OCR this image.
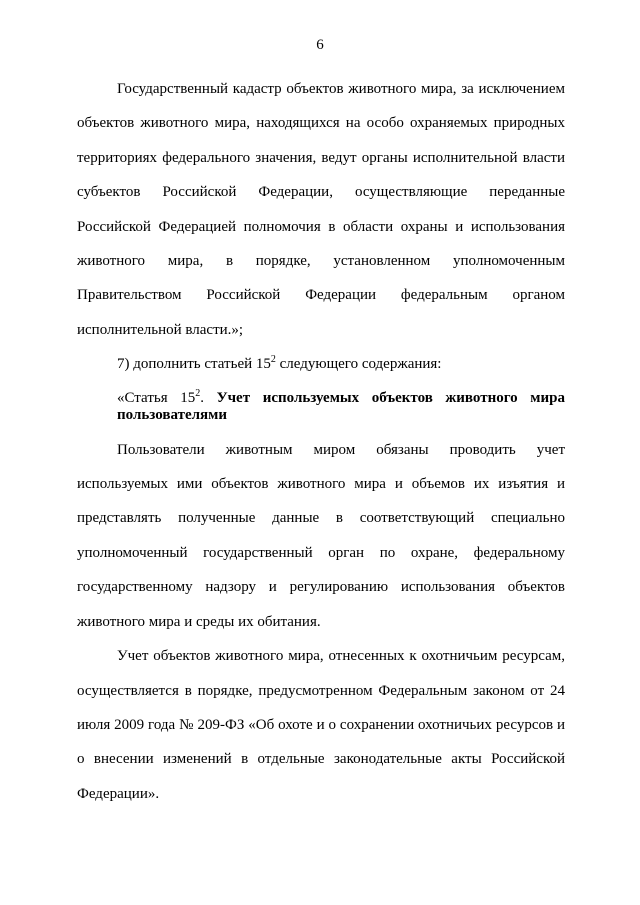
6

Государственный кадастр объектов животного мира, за исключением объектов животного мира, находящихся на особо охраняемых природных территориях федерального значения, ведут органы исполнительной власти субъектов Российской Федерации, осуществляющие переданные Российской Федерацией полномочия в области охраны и использования животного мира, в порядке, установленном уполномоченным Правительством Российской Федерации федеральным органом исполнительной власти.»;

7) дополнить статьей $15^2$ следующего содержания:

«Статья $15^2$. Учет используемых объектов животного мира пользователями

Пользователи животным миром обязаны проводить учет используемых ими объектов животного мира и объемов их изъятия и представлять полученные данные в соответствующий специально уполномоченный государственный орган по охране, федеральному государственному надзору и регулированию использования объектов животного мира и среды их обитания.

Учет объектов животного мира, отнесенных к охотничьим ресурсам, осуществляется в порядке, предусмотренном Федеральным законом от 24 июля 2009 года № 209-ФЗ «Об охоте и о сохранении охотничьих ресурсов и о внесении изменений в отдельные законодательные акты Российской Федерации».
